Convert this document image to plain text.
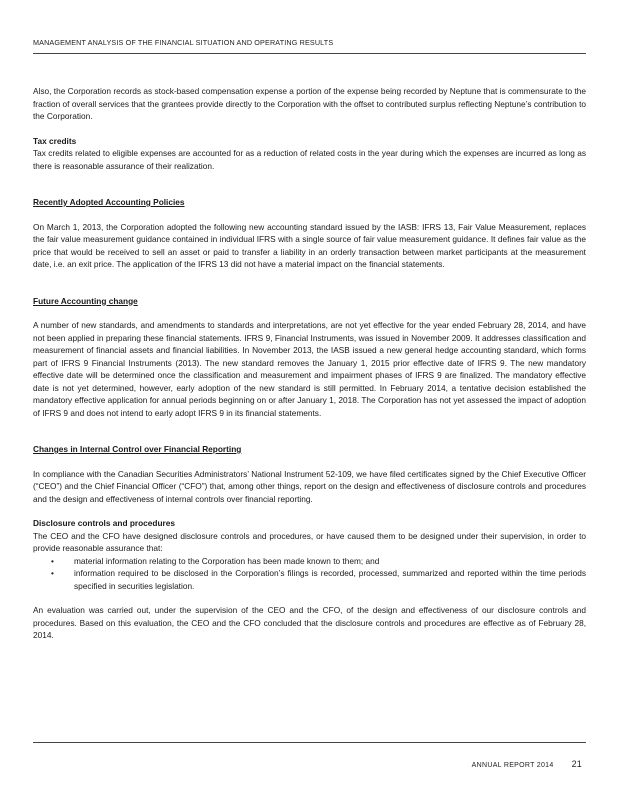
MANAGEMENT ANALYSIS OF THE FINANCIAL SITUATION AND OPERATING RESULTS

Also, the Corporation records as stock-based compensation expense a portion of the expense being recorded by Neptune that is commensurate to the fraction of overall services that the grantees provide directly to the Corporation with the offset to contributed surplus reflecting Neptune’s contribution to the Corporation.

Tax credits

Tax credits related to eligible expenses are accounted for as a reduction of related costs in the year during which the expenses are incurred as long as there is reasonable assurance of their realization.

Recently Adopted Accounting Policies

On March 1, 2013, the Corporation adopted the following new accounting standard issued by the IASB: IFRS 13, Fair Value Measurement, replaces the fair value measurement guidance contained in individual IFRS with a single source of fair value measurement guidance. It defines fair value as the price that would be received to sell an asset or paid to transfer a liability in an orderly transaction between market participants at the measurement date, i.e. an exit price. The application of the IFRS 13 did not have a material impact on the financial statements.

Future Accounting change

A number of new standards, and amendments to standards and interpretations, are not yet effective for the year ended February 28, 2014, and have not been applied in preparing these financial statements. IFRS 9, Financial Instruments, was issued in November 2009. It addresses classification and measurement of financial assets and financial liabilities. In November 2013, the IASB issued a new general hedge accounting standard, which forms part of IFRS 9 Financial Instruments (2013). The new standard removes the January 1, 2015 prior effective date of IFRS 9. The new mandatory effective date will be determined once the classification and measurement and impairment phases of IFRS 9 are finalized. The mandatory effective date is not yet determined, however, early adoption of the new standard is still permitted. In February 2014, a tentative decision established the mandatory effective application for annual periods beginning on or after January 1, 2018. The Corporation has not yet assessed the impact of adoption of IFRS 9 and does not intend to early adopt IFRS 9 in its financial statements.

Changes in Internal Control over Financial Reporting

In compliance with the Canadian Securities Administrators’ National Instrument 52-109, we have filed certificates signed by the Chief Executive Officer (“CEO”) and the Chief Financial Officer (“CFO”) that, among other things, report on the design and effectiveness of disclosure controls and procedures and the design and effectiveness of internal controls over financial reporting.

Disclosure controls and procedures

The CEO and the CFO have designed disclosure controls and procedures, or have caused them to be designed under their supervision, in order to provide reasonable assurance that:

• material information relating to the Corporation has been made known to them; and
• information required to be disclosed in the Corporation’s filings is recorded, processed, summarized and reported within the time periods specified in securities legislation.

An evaluation was carried out, under the supervision of the CEO and the CFO, of the design and effectiveness of our disclosure controls and procedures. Based on this evaluation, the CEO and the CFO concluded that the disclosure controls and procedures are effective as of February 28, 2014.

ANNUAL REPORT 2014 21
